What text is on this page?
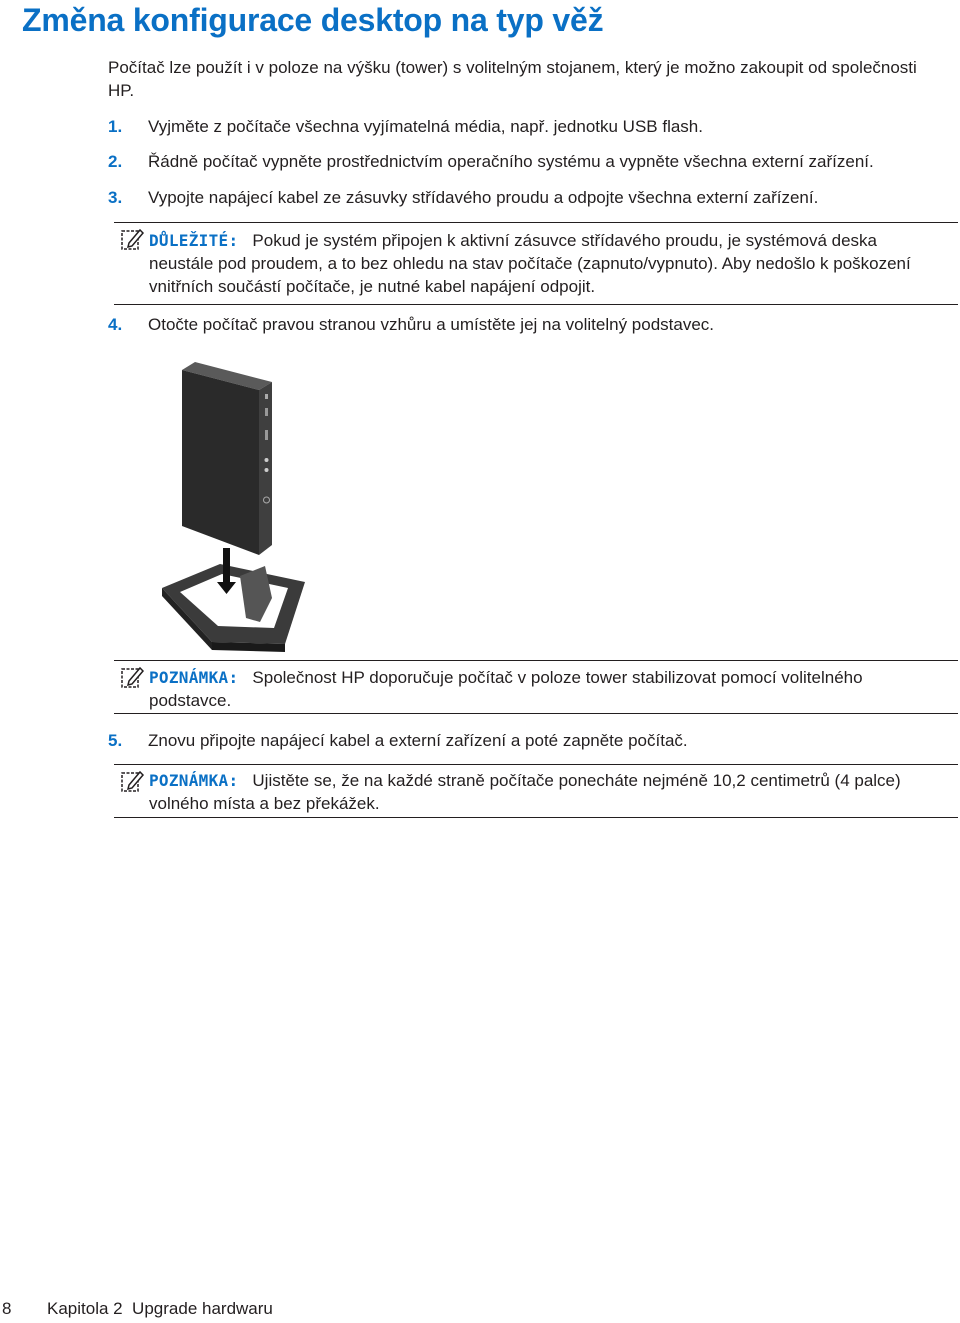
Změna konfigurace desktop na typ věž

Počítač lze použít i v poloze na výšku (tower) s volitelným stojanem, který je možno zakoupit od společnosti HP.

1. Vyjměte z počítače všechna vyjímatelná média, např. jednotku USB flash.
2. Řádně počítač vypněte prostřednictvím operačního systému a vypněte všechna externí zařízení.
3. Vypojte napájecí kabel ze zásuvky střídavého proudu a odpojte všechna externí zařízení.
DŮLEŽITÉ: Pokud je systém připojen k aktivní zásuvce střídavého proudu, je systémová deska neustále pod proudem, a to bez ohledu na stav počítače (zapnuto/vypnuto). Aby nedošlo k poškození vnitřních součástí počítače, je nutné kabel napájení odpojit.
4. Otočte počítač pravou stranou vzhůru a umístěte jej na volitelný podstavec.
POZNÁMKA: Společnost HP doporučuje počítač v poloze tower stabilizovat pomocí volitelného podstavce.
5. Znovu připojte napájecí kabel a externí zařízení a poté zapněte počítač.
POZNÁMKA: Ujistěte se, že na každé straně počítače ponecháte nejméně 10,2 centimetrů (4 palce) volného místa a bez překážek.
8 Kapitola 2  Upgrade hardwaru
